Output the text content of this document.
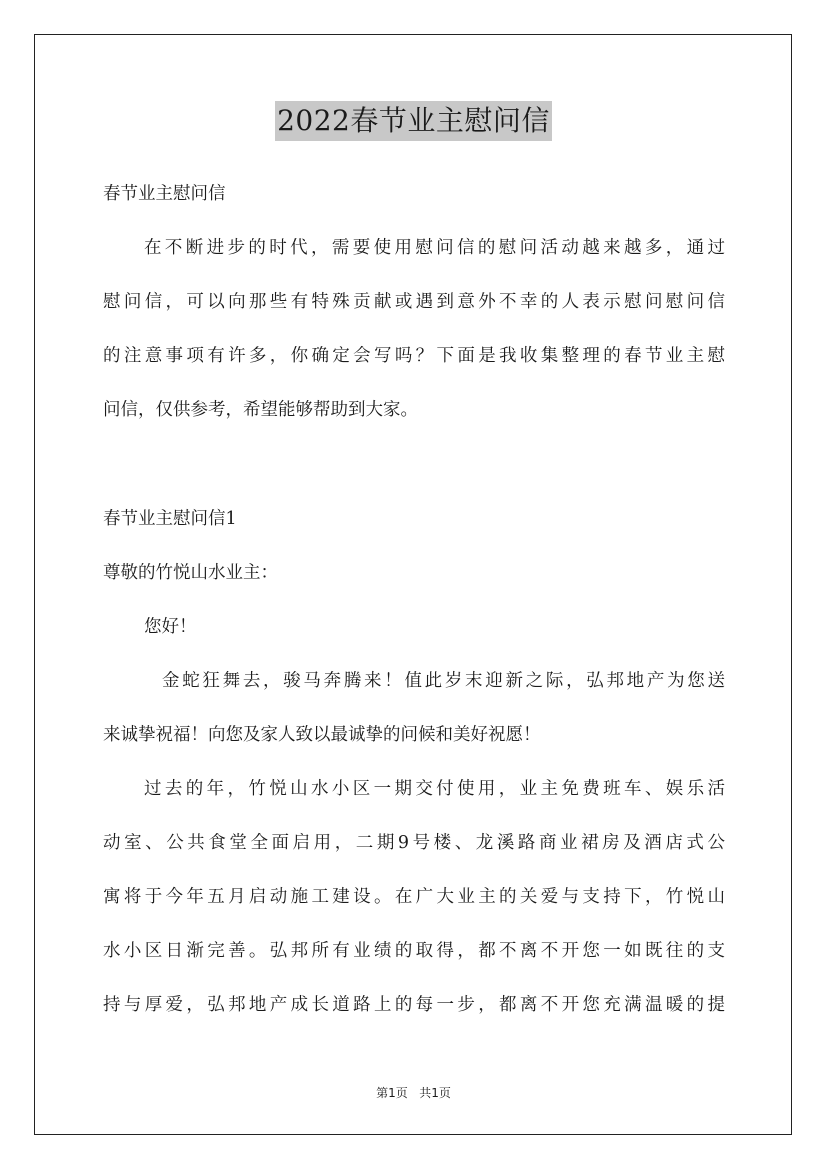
2022春节业主慰问信
春节业主慰问信
在不断进步的时代，需要使用慰问信的慰问活动越来越多，通过
慰问信，可以向那些有特殊贡献或遇到意外不幸的人表示慰问慰问信
的注意事项有许多，你确定会写吗？下面是我收集整理的春节业主慰
问信，仅供参考，希望能够帮助到大家。
春节业主慰问信1
尊敬的竹悦山水业主：
您好！
金蛇狂舞去，骏马奔腾来！值此岁末迎新之际，弘邦地产为您送
来诚挚祝福！向您及家人致以最诚挚的问候和美好祝愿！
过去的年，竹悦山水小区一期交付使用，业主免费班车、娱乐活
动室、公共食堂全面启用，二期9号楼、龙溪路商业裙房及酒店式公
寓将于今年五月启动施工建设。在广大业主的关爱与支持下，竹悦山
水小区日渐完善。弘邦所有业绩的取得，都不离不开您一如既往的支
持与厚爱，弘邦地产成长道路上的每一步，都离不开您充满温暖的提
第1页   共1页
